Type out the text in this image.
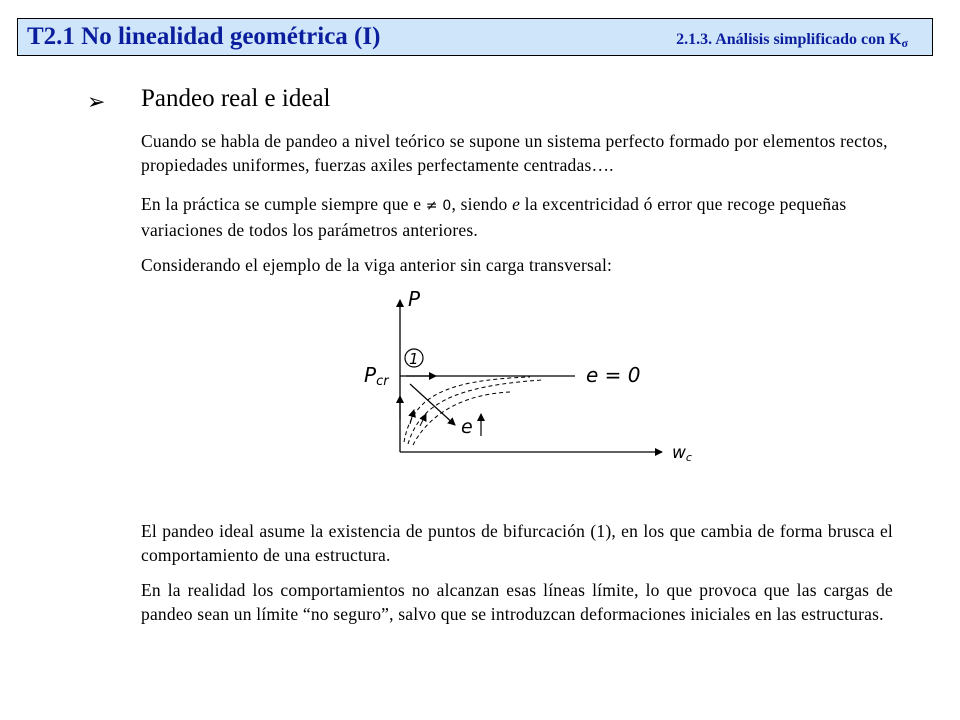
T2.1 No linealidad geométrica (I)	2.1.3. Análisis simplificado con $K_\sigma$
➢ Pandeo real e ideal
Cuando se habla de pandeo a nivel teórico se supone un sistema perfecto formado por elementos rectos, propiedades uniformes, fuerzas axiles perfectamente centradas….
En la práctica se cumple siempre que e ≠ 0, siendo e la excentricidad ó error que recoge pequeñas variaciones de todos los parámetros anteriores.
Considerando el ejemplo de la viga anterior sin carga transversal:
P
wc
Pcr
1
e = 0
e
El pandeo ideal asume la existencia de puntos de bifurcación (1), en los que cambia de forma brusca el comportamiento de una estructura.
En la realidad los comportamientos no alcanzan esas líneas límite, lo que provoca que las cargas de pandeo sean un límite “no seguro”, salvo que se introduzcan deformaciones iniciales en las estructuras.
